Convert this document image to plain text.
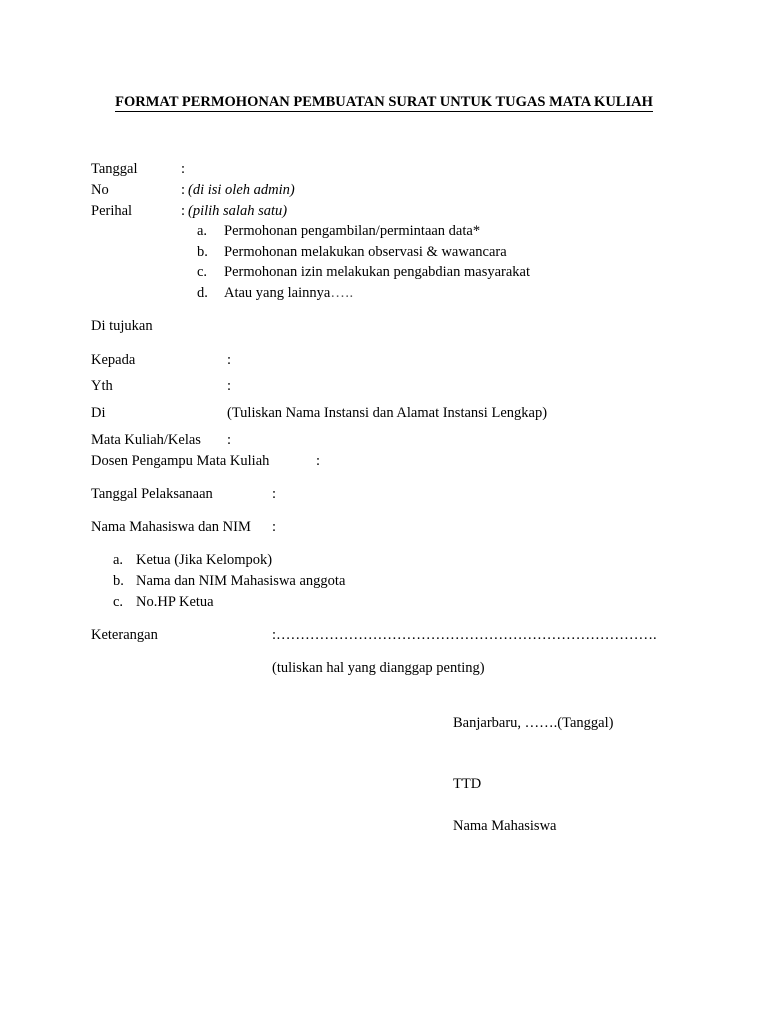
FORMAT PERMOHONAN PEMBUATAN SURAT UNTUK TUGAS MATA KULIAH
Tanggal	:
No	: (di isi oleh admin)
Perihal	: (pilih salah satu)
a. Permohonan pengambilan/permintaan data*
b. Permohonan melakukan observasi & wawancara
c. Permohonan izin melakukan pengabdian masyarakat
d. Atau yang lainnya…..
Di tujukan
Kepada	:
Yth	:
Di	(Tuliskan Nama Instansi dan Alamat Instansi Lengkap)
Mata Kuliah/Kelas :
Dosen Pengampu Mata Kuliah	:
Tanggal Pelaksanaan	:
Nama Mahasiswa dan NIM :
a. Ketua (Jika Kelompok)
b. Nama dan NIM Mahasiswa anggota
c. No.HP Ketua
Keterangan	:…………………………………………………………………….
(tuliskan hal yang dianggap penting)
Banjarbaru, …….(Tanggal)
TTD
Nama Mahasiswa
